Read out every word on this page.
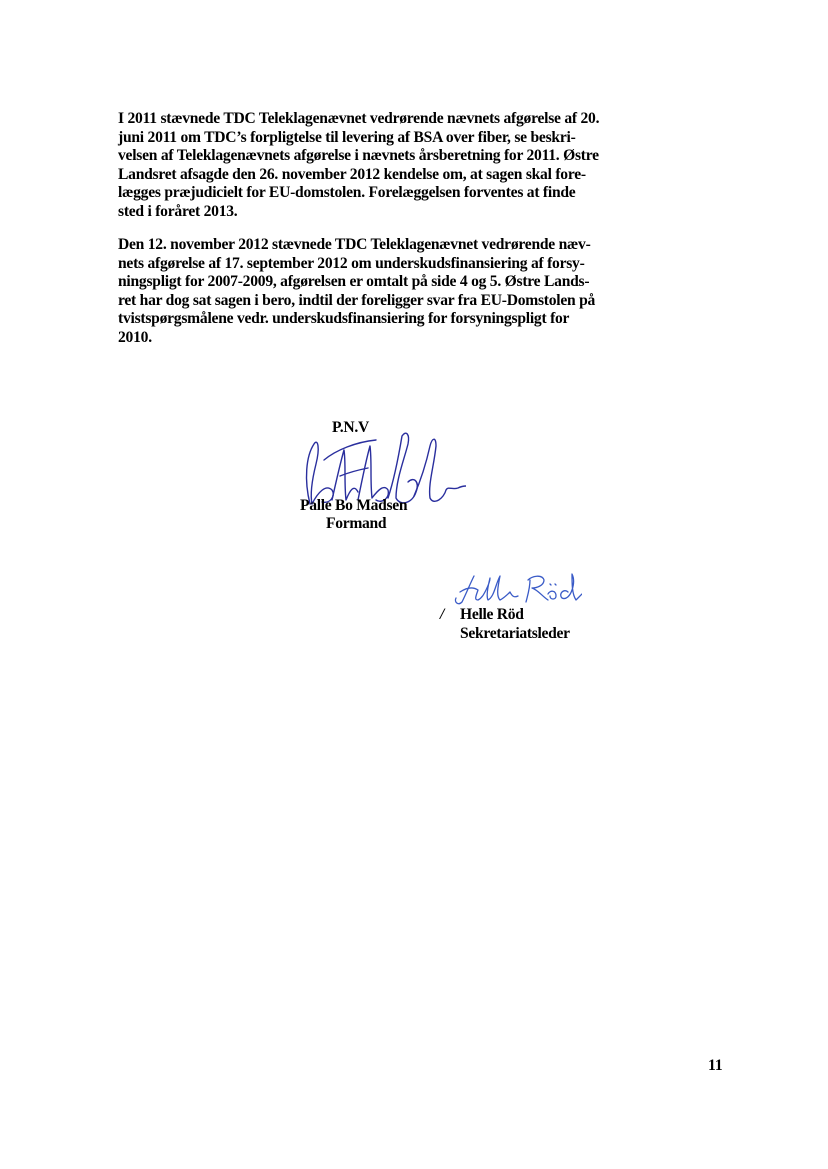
I 2011 stævnede TDC Teleklagenævnet vedrørende nævnets afgørelse af 20.
juni 2011 om TDC’s forpligtelse til levering af BSA over fiber, se beskri-
velsen af Teleklagenævnets afgørelse i nævnets årsberetning for 2011. Østre
Landsret afsagde den 26. november 2012 kendelse om, at sagen skal fore-
lægges præjudicielt for EU-domstolen. Forelæggelsen forventes at finde
sted i foråret 2013.

Den 12. november 2012 stævnede TDC Teleklagenævnet vedrørende næv-
nets afgørelse af 17. september 2012 om underskudsfinansiering af forsy-
ningspligt for 2007-2009, afgørelsen er omtalt på side 4 og 5. Østre Lands-
ret har dog sat sagen i bero, indtil der foreligger svar fra EU-Domstolen på
tvistspørgsmålene vedr. underskudsfinansiering for forsyningspligt for
2010.

P.N.V
Palle Bo Madsen
Formand
/ Helle Röd
Sekretariatsleder
11
